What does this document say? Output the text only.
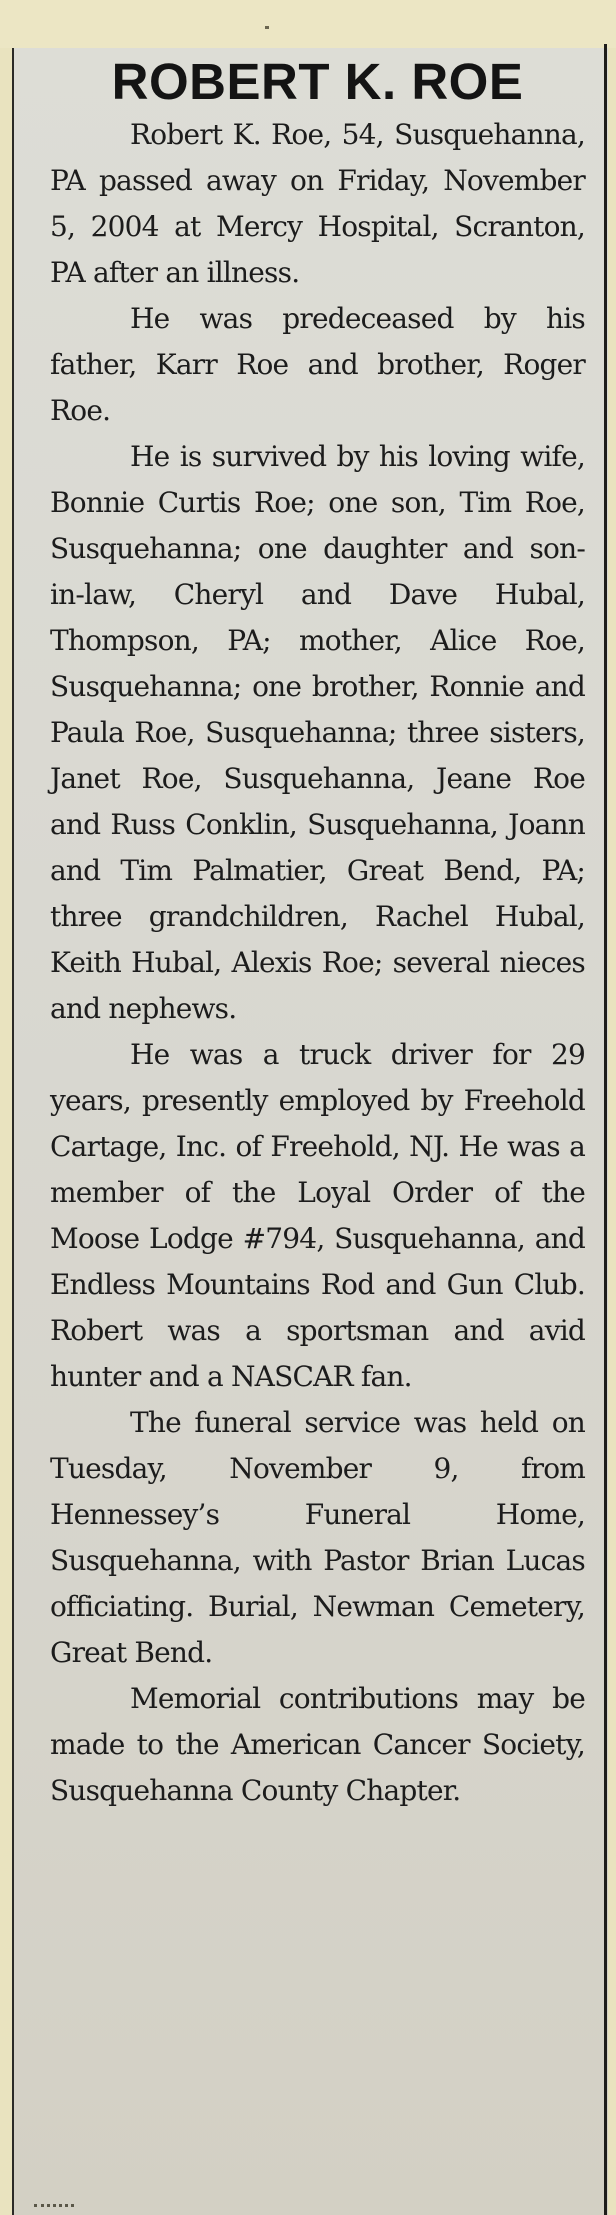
ROBERT K. ROE

Robert K. Roe, 54, Susquehanna, PA passed away on Friday, November 5, 2004 at Mercy Hospital, Scranton, PA after an illness.

He was predeceased by his father, Karr Roe and brother, Roger Roe.

He is survived by his loving wife, Bonnie Curtis Roe; one son, Tim Roe, Susquehanna; one daughter and son-in-law, Cheryl and Dave Hubal, Thompson, PA; mother, Alice Roe, Susquehanna; one brother, Ronnie and Paula Roe, Susquehanna; three sisters, Janet Roe, Susquehanna, Jeane Roe and Russ Conklin, Susquehanna, Joann and Tim Palmatier, Great Bend, PA; three grandchildren, Rachel Hubal, Keith Hubal, Alexis Roe; several nieces and nephews.

He was a truck driver for 29 years, presently employed by Freehold Cartage, Inc. of Freehold, NJ. He was a member of the Loyal Order of the Moose Lodge #794, Susquehanna, and Endless Mountains Rod and Gun Club. Robert was a sportsman and avid hunter and a NASCAR fan.

The funeral service was held on Tuesday, November 9, from Hennessey’s Funeral Home, Susquehanna, with Pastor Brian Lucas officiating. Burial, Newman Cemetery, Great Bend.

Memorial contributions may be made to the American Cancer Society, Susquehanna County Chapter.
